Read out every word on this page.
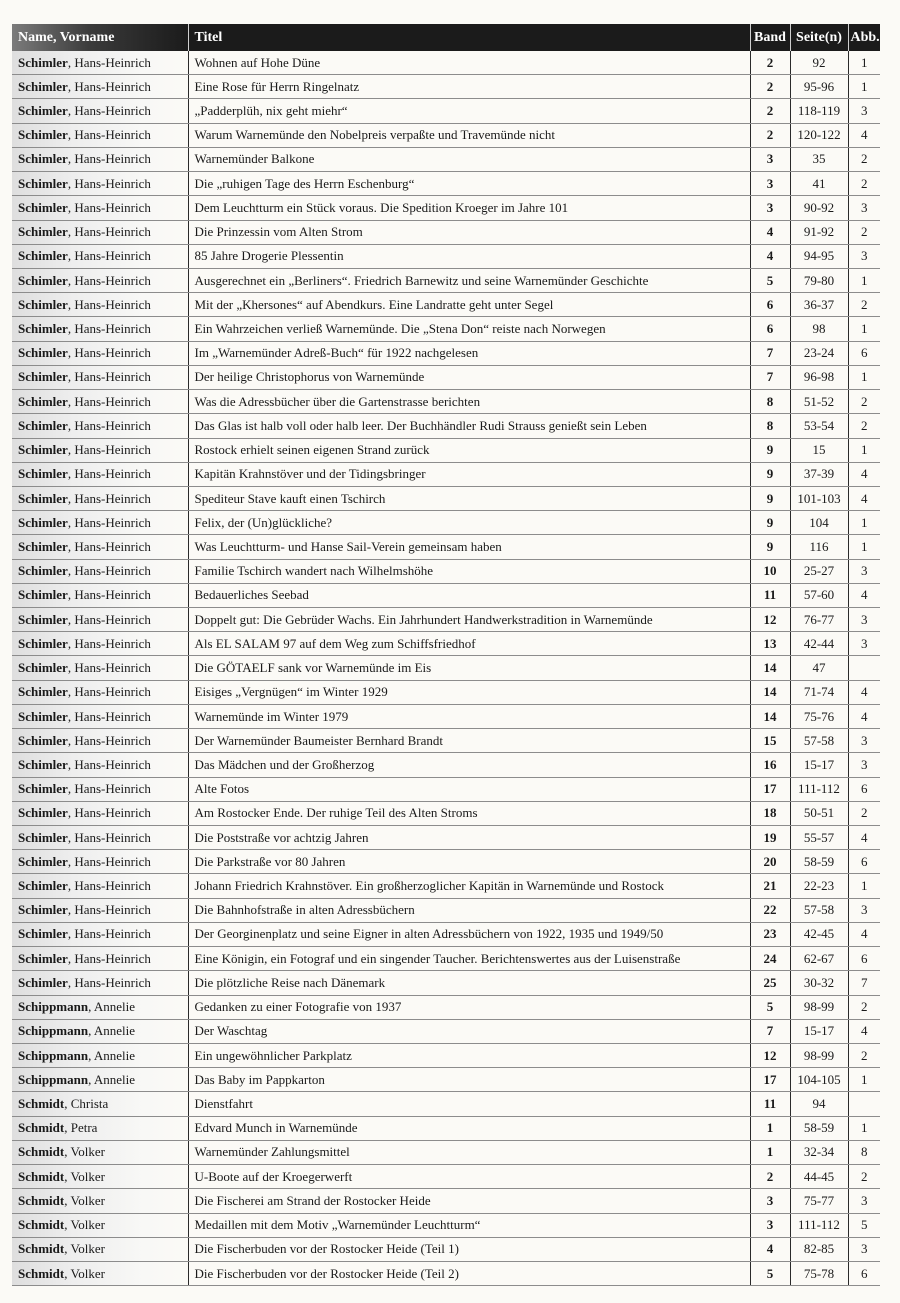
Name, Vorname	Titel	Band	Seite(n)	Abb.
Schimler, Hans-Heinrich	Wohnen auf Hohe Düne	2	92	1
Schimler, Hans-Heinrich	Eine Rose für Herrn Ringelnatz	2	95-96	1
Schimler, Hans-Heinrich	„Padderplüh, nix geht miehr“	2	118-119	3
Schimler, Hans-Heinrich	Warum Warnemünde den Nobelpreis verpaßte und Travemünde nicht	2	120-122	4
Schimler, Hans-Heinrich	Warnemünder Balkone	3	35	2
Schimler, Hans-Heinrich	Die „ruhigen Tage des Herrn Eschenburg“	3	41	2
Schimler, Hans-Heinrich	Dem Leuchtturm ein Stück voraus. Die Spedition Kroeger im Jahre 101	3	90-92	3
Schimler, Hans-Heinrich	Die Prinzessin vom Alten Strom	4	91-92	2
Schimler, Hans-Heinrich	85 Jahre Drogerie Plessentin	4	94-95	3
Schimler, Hans-Heinrich	Ausgerechnet ein „Berliners“. Friedrich Barnewitz und seine Warnemünder Geschichte	5	79-80	1
Schimler, Hans-Heinrich	Mit der „Khersones“ auf Abendkurs. Eine Landratte geht unter Segel	6	36-37	2
Schimler, Hans-Heinrich	Ein Wahrzeichen verließ Warnemünde. Die „Stena Don“ reiste nach Norwegen	6	98	1
Schimler, Hans-Heinrich	Im „Warnemünder Adreß-Buch“ für 1922 nachgelesen	7	23-24	6
Schimler, Hans-Heinrich	Der heilige Christophorus von Warnemünde	7	96-98	1
Schimler, Hans-Heinrich	Was die Adressbücher über die Gartenstrasse berichten	8	51-52	2
Schimler, Hans-Heinrich	Das Glas ist halb voll oder halb leer. Der Buchhändler Rudi Strauss genießt sein Leben	8	53-54	2
Schimler, Hans-Heinrich	Rostock erhielt seinen eigenen Strand zurück	9	15	1
Schimler, Hans-Heinrich	Kapitän Krahnstöver und der Tidingsbringer	9	37-39	4
Schimler, Hans-Heinrich	Spediteur Stave kauft einen Tschirch	9	101-103	4
Schimler, Hans-Heinrich	Felix, der (Un)glückliche?	9	104	1
Schimler, Hans-Heinrich	Was Leuchtturm- und Hanse Sail-Verein gemeinsam haben	9	116	1
Schimler, Hans-Heinrich	Familie Tschirch wandert nach Wilhelmshöhe	10	25-27	3
Schimler, Hans-Heinrich	Bedauerliches Seebad	11	57-60	4
Schimler, Hans-Heinrich	Doppelt gut: Die Gebrüder Wachs. Ein Jahrhundert Handwerkstradition in Warnemünde	12	76-77	3
Schimler, Hans-Heinrich	Als EL SALAM 97 auf dem Weg zum Schiffsfriedhof	13	42-44	3
Schimler, Hans-Heinrich	Die GÖTAELF sank vor Warnemünde im Eis	14	47	
Schimler, Hans-Heinrich	Eisiges „Vergnügen“ im Winter 1929	14	71-74	4
Schimler, Hans-Heinrich	Warnemünde im Winter 1979	14	75-76	4
Schimler, Hans-Heinrich	Der Warnemünder Baumeister Bernhard Brandt	15	57-58	3
Schimler, Hans-Heinrich	Das Mädchen und der Großherzog	16	15-17	3
Schimler, Hans-Heinrich	Alte Fotos	17	111-112	6
Schimler, Hans-Heinrich	Am Rostocker Ende. Der ruhige Teil des Alten Stroms	18	50-51	2
Schimler, Hans-Heinrich	Die Poststraße vor achtzig Jahren	19	55-57	4
Schimler, Hans-Heinrich	Die Parkstraße vor 80 Jahren	20	58-59	6
Schimler, Hans-Heinrich	Johann Friedrich Krahnstöver. Ein großherzoglicher Kapitän in Warnemünde und Rostock	21	22-23	1
Schimler, Hans-Heinrich	Die Bahnhofstraße in alten Adressbüchern	22	57-58	3
Schimler, Hans-Heinrich	Der Georginenplatz und seine Eigner in alten Adressbüchern von 1922, 1935 und 1949/50	23	42-45	4
Schimler, Hans-Heinrich	Eine Königin, ein Fotograf und ein singender Taucher. Berichtenswertes aus der Luisenstraße	24	62-67	6
Schimler, Hans-Heinrich	Die plötzliche Reise nach Dänemark	25	30-32	7
Schippmann, Annelie	Gedanken zu einer Fotografie von 1937	5	98-99	2
Schippmann, Annelie	Der Waschtag	7	15-17	4
Schippmann, Annelie	Ein ungewöhnlicher Parkplatz	12	98-99	2
Schippmann, Annelie	Das Baby im Pappkarton	17	104-105	1
Schmidt, Christa	Dienstfahrt	11	94	
Schmidt, Petra	Edvard Munch in Warnemünde	1	58-59	1
Schmidt, Volker	Warnemünder Zahlungsmittel	1	32-34	8
Schmidt, Volker	U-Boote auf der Kroegerwerft	2	44-45	2
Schmidt, Volker	Die Fischerei am Strand der Rostocker Heide	3	75-77	3
Schmidt, Volker	Medaillen mit dem Motiv „Warnemünder Leuchtturm“	3	111-112	5
Schmidt, Volker	Die Fischerbuden vor der Rostocker Heide (Teil 1)	4	82-85	3
Schmidt, Volker	Die Fischerbuden vor der Rostocker Heide (Teil 2)	5	75-78	6
